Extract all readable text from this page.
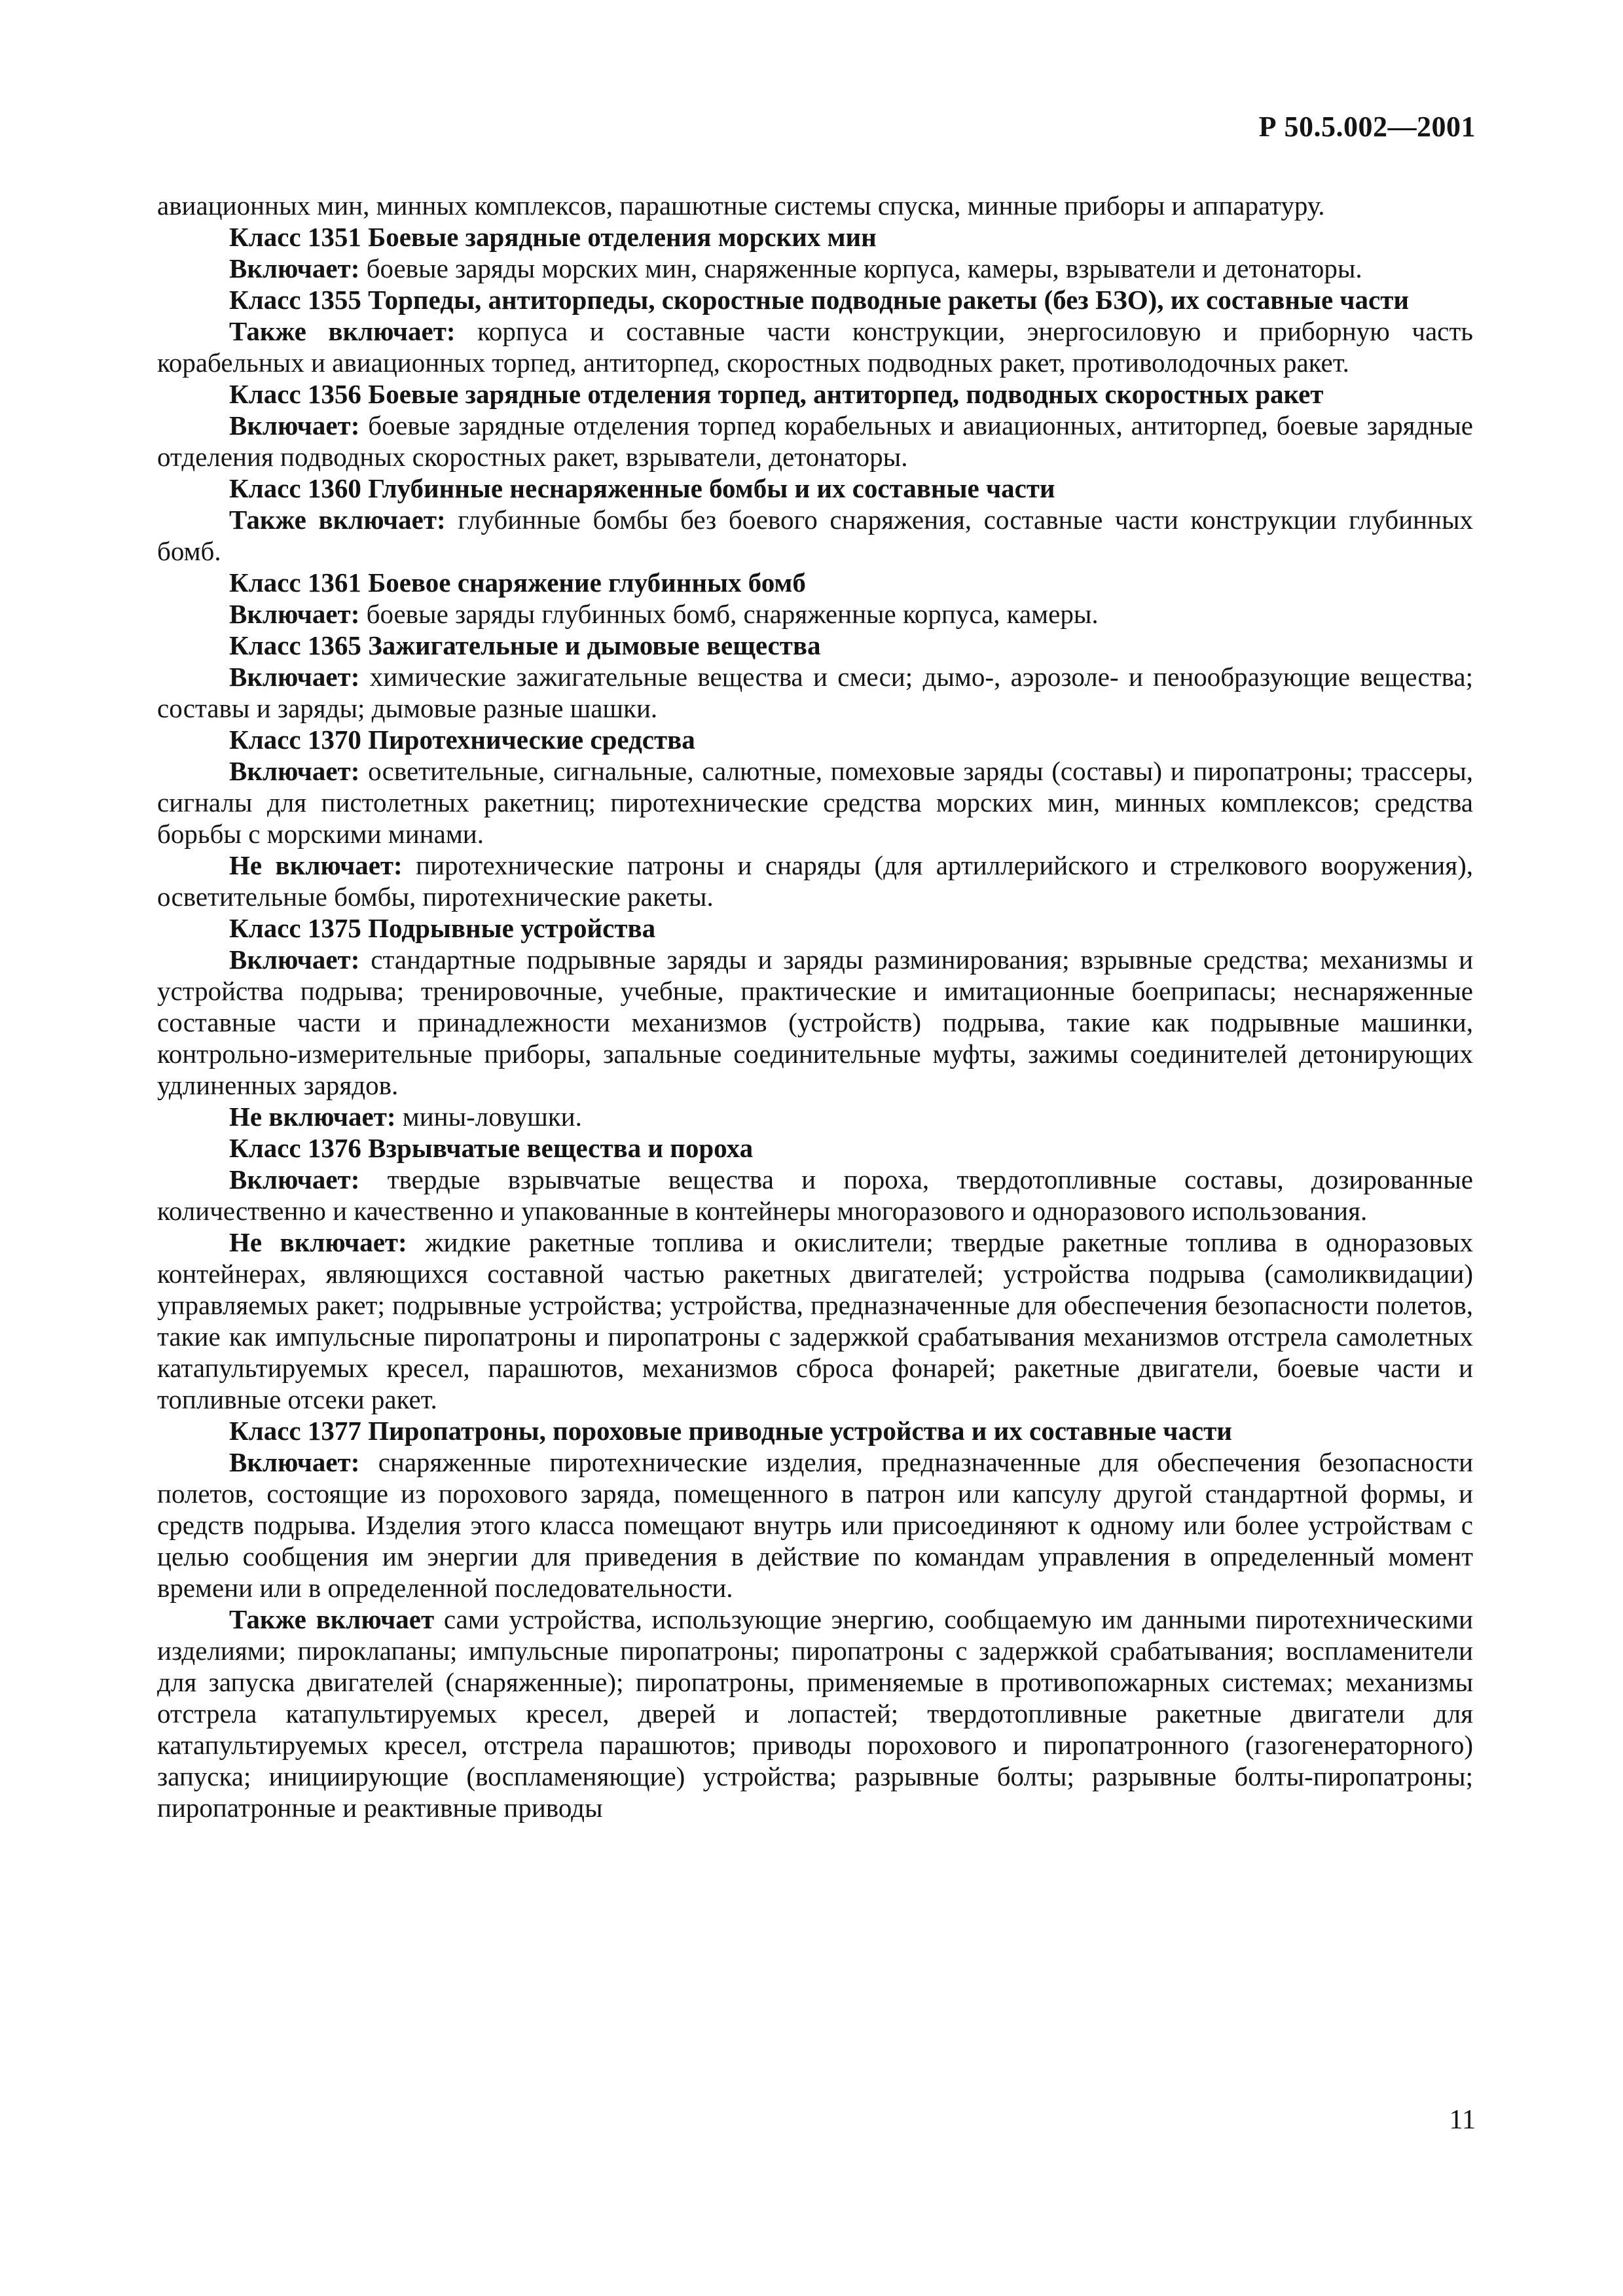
Р 50.5.002—2001

авиационных мин, минных комплексов, парашютные системы спуска, минные приборы и аппаратуру.

Класс 1351 Боевые зарядные отделения морских мин

Включает: боевые заряды морских мин, снаряженные корпуса, камеры, взрыватели и детонаторы.

Класс 1355 Торпеды, антиторпеды, скоростные подводные ракеты (без БЗО), их составные части

Также включает: корпуса и составные части конструкции, энергосиловую и приборную часть корабельных и авиационных торпед, антиторпед, скоростных подводных ракет, противолодочных ракет.

Класс 1356 Боевые зарядные отделения торпед, антиторпед, подводных скоростных ракет

Включает: боевые зарядные отделения торпед корабельных и авиационных, антиторпед, боевые зарядные отделения подводных скоростных ракет, взрыватели, детонаторы.

Класс 1360 Глубинные неснаряженные бомбы и их составные части

Также включает: глубинные бомбы без боевого снаряжения, составные части конструкции глубинных бомб.

Класс 1361 Боевое снаряжение глубинных бомб

Включает: боевые заряды глубинных бомб, снаряженные корпуса, камеры.

Класс 1365 Зажигательные и дымовые вещества

Включает: химические зажигательные вещества и смеси; дымо-, аэрозоле- и пенообразующие вещества; составы и заряды; дымовые разные шашки.

Класс 1370 Пиротехнические средства

Включает: осветительные, сигнальные, салютные, помеховые заряды (составы) и пиропатроны; трассеры, сигналы для пистолетных ракетниц; пиротехнические средства морских мин, минных комплексов; средства борьбы с морскими минами.

Не включает: пиротехнические патроны и снаряды (для артиллерийского и стрелкового вооружения), осветительные бомбы, пиротехнические ракеты.

Класс 1375 Подрывные устройства

Включает: стандартные подрывные заряды и заряды разминирования; взрывные средства; механизмы и устройства подрыва; тренировочные, учебные, практические и имитационные боеприпасы; неснаряженные составные части и принадлежности механизмов (устройств) подрыва, такие как подрывные машинки, контрольно-измерительные приборы, запальные соединительные муфты, зажимы соединителей детонирующих удлиненных зарядов.

Не включает: мины-ловушки.

Класс 1376 Взрывчатые вещества и пороха

Включает: твердые взрывчатые вещества и пороха, твердотопливные составы, дозированные количественно и качественно и упакованные в контейнеры многоразового и одноразового использования.

Не включает: жидкие ракетные топлива и окислители; твердые ракетные топлива в одноразовых контейнерах, являющихся составной частью ракетных двигателей; устройства подрыва (самоликвидации) управляемых ракет; подрывные устройства; устройства, предназначенные для обеспечения безопасности полетов, такие как импульсные пиропатроны и пиропатроны с задержкой срабатывания механизмов отстрела самолетных катапультируемых кресел, парашютов, механизмов сброса фонарей; ракетные двигатели, боевые части и топливные отсеки ракет.

Класс 1377 Пиропатроны, пороховые приводные устройства и их составные части

Включает: снаряженные пиротехнические изделия, предназначенные для обеспечения безопасности полетов, состоящие из порохового заряда, помещенного в патрон или капсулу другой стандартной формы, и средств подрыва. Изделия этого класса помещают внутрь или присоединяют к одному или более устройствам с целью сообщения им энергии для приведения в действие по командам управления в определенный момент времени или в определенной последовательности.

Также включает сами устройства, использующие энергию, сообщаемую им данными пиротехническими изделиями; пироклапаны; импульсные пиропатроны; пиропатроны с задержкой срабатывания; воспламенители для запуска двигателей (снаряженные); пиропатроны, применяемые в противопожарных системах; механизмы отстрела катапультируемых кресел, дверей и лопастей; твердотопливные ракетные двигатели для катапультируемых кресел, отстрела парашютов; приводы порохового и пиропатронного (газогенераторного) запуска; инициирующие (воспламеняющие) устройства; разрывные болты; разрывные болты-пиропатроны; пиропатронные и реактивные приводы

11
